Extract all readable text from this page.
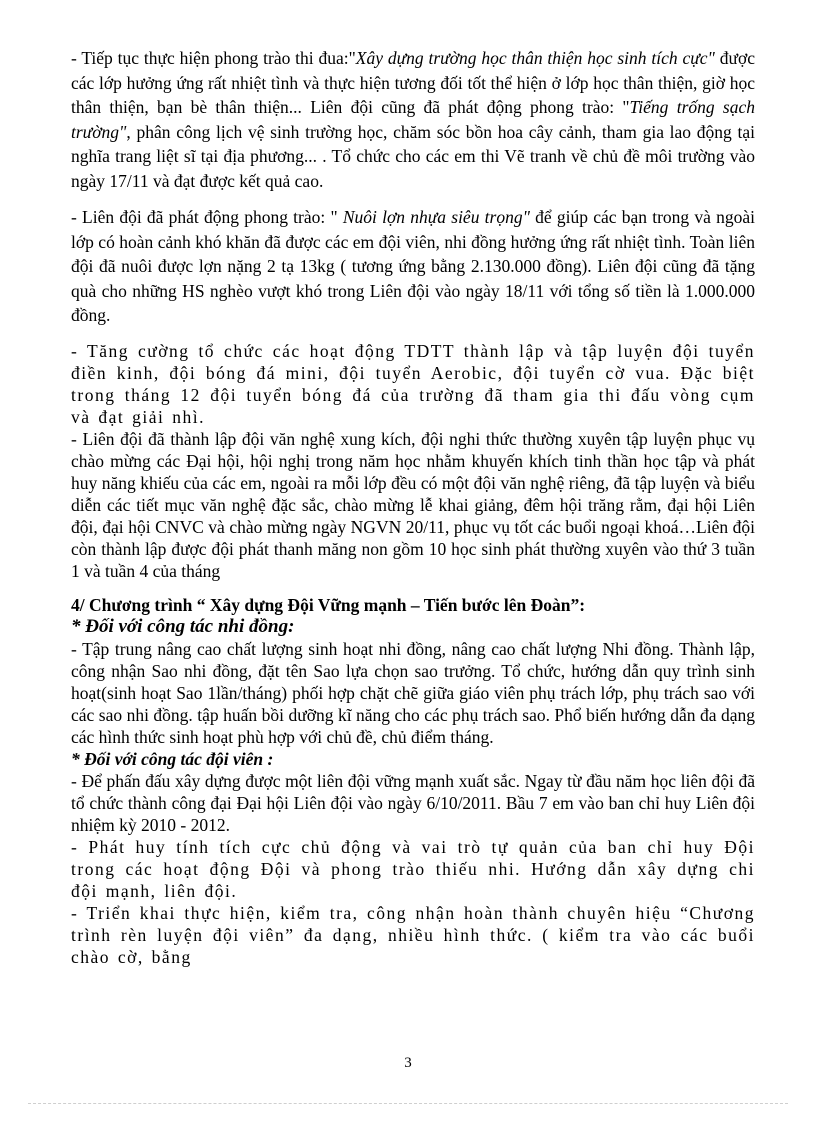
- Tiếp tục thực hiện phong trào thi đua:"Xây dựng trường học thân thiện học sinh tích cực" được các lớp hưởng ứng rất nhiệt tình và thực hiện tương đối tốt thể hiện ở lớp học thân thiện, giờ học thân thiện, bạn bè thân thiện... Liên đội cũng đã phát động phong trào: "Tiếng trống sạch trường", phân công lịch vệ sinh trường học, chăm sóc bồn hoa cây cảnh, tham gia lao động tại nghĩa trang liệt sĩ tại địa phương... . Tổ chức cho các em thi Vẽ tranh về chủ đề môi trường vào ngày 17/11 và đạt được kết quả cao.

- Liên đội đã phát động phong trào: " Nuôi lợn nhựa siêu trọng" để giúp các bạn trong và ngoài lớp có hoàn cảnh khó khăn đã được các em đội viên, nhi đồng hưởng ứng rất nhiệt tình. Toàn liên đội đã nuôi được lợn nặng 2 tạ 13kg ( tương ứng bằng 2.130.000 đồng). Liên đội cũng đã tặng quà cho những HS nghèo vượt khó trong Liên đội vào ngày 18/11 với tổng số tiền là 1.000.000 đồng.

- Tăng cường tổ chức các hoạt động TDTT thành lập và tập luyện đội tuyển điền kinh, đội bóng đá mini, đội tuyển Aerobic, đội tuyển cờ vua. Đặc biệt trong tháng 12 đội tuyển bóng đá của trường đã tham gia thi đấu vòng cụm và đạt giải nhì.

- Liên đội đã thành lập đội văn nghệ xung kích, đội nghi thức thường xuyên tập luyện phục vụ chào mừng các Đại hội, hội nghị trong năm học nhằm khuyến khích tinh thần học tập và phát huy năng khiếu của các em, ngoài ra mỗi lớp đều có một đội văn nghệ riêng, đã tập luyện và biểu diễn các tiết mục văn nghệ đặc sắc, chào mừng lễ khai giảng, đêm hội trăng rằm, đại hội Liên đội, đại hội CNVC và chào mừng ngày NGVN 20/11, phục vụ tốt các buổi ngoại khoá…Liên đội còn thành lập được đội phát thanh măng non gồm 10 học sinh phát thường xuyên vào thứ 3 tuần 1 và tuần 4 của tháng

4/ Chương trình “ Xây dựng Đội Vững mạnh – Tiến bước lên Đoàn”:

* Đối với công tác nhi đồng:

- Tập trung nâng cao chất lượng sinh hoạt nhi đồng, nâng cao chất lượng Nhi đồng. Thành lập, công nhận Sao nhi đồng, đặt tên Sao lựa chọn sao trưởng. Tổ chức, hướng dẫn quy trình sinh hoạt(sinh hoạt Sao 1lần/tháng) phối hợp chặt chẽ giữa giáo viên phụ trách lớp, phụ trách sao với các sao nhi đồng. tập huấn bồi dưỡng kĩ năng cho các phụ trách sao. Phổ biến hướng dẫn đa dạng các hình thức sinh hoạt phù hợp với chủ đề, chủ điểm tháng.

* Đối với công tác đội viên :

- Để phấn đấu xây dựng được một liên đội vững mạnh xuất sắc. Ngay từ đầu năm học liên đội đã tổ chức thành công đại Đại hội Liên đội vào ngày 6/10/2011. Bầu 7 em vào ban chỉ huy Liên đội nhiệm kỳ 2010 - 2012.

- Phát huy tính tích cực chủ động và vai trò tự quản của ban chỉ huy Đội trong các hoạt động Đội và phong trào thiếu nhi. Hướng dẫn xây dựng chi đội mạnh, liên đội.

- Triển khai thực hiện, kiểm tra, công nhận hoàn thành chuyên hiệu “Chương trình rèn luyện đội viên” đa dạng, nhiều hình thức. ( kiểm tra vào các buổi chào cờ, bằng

3
